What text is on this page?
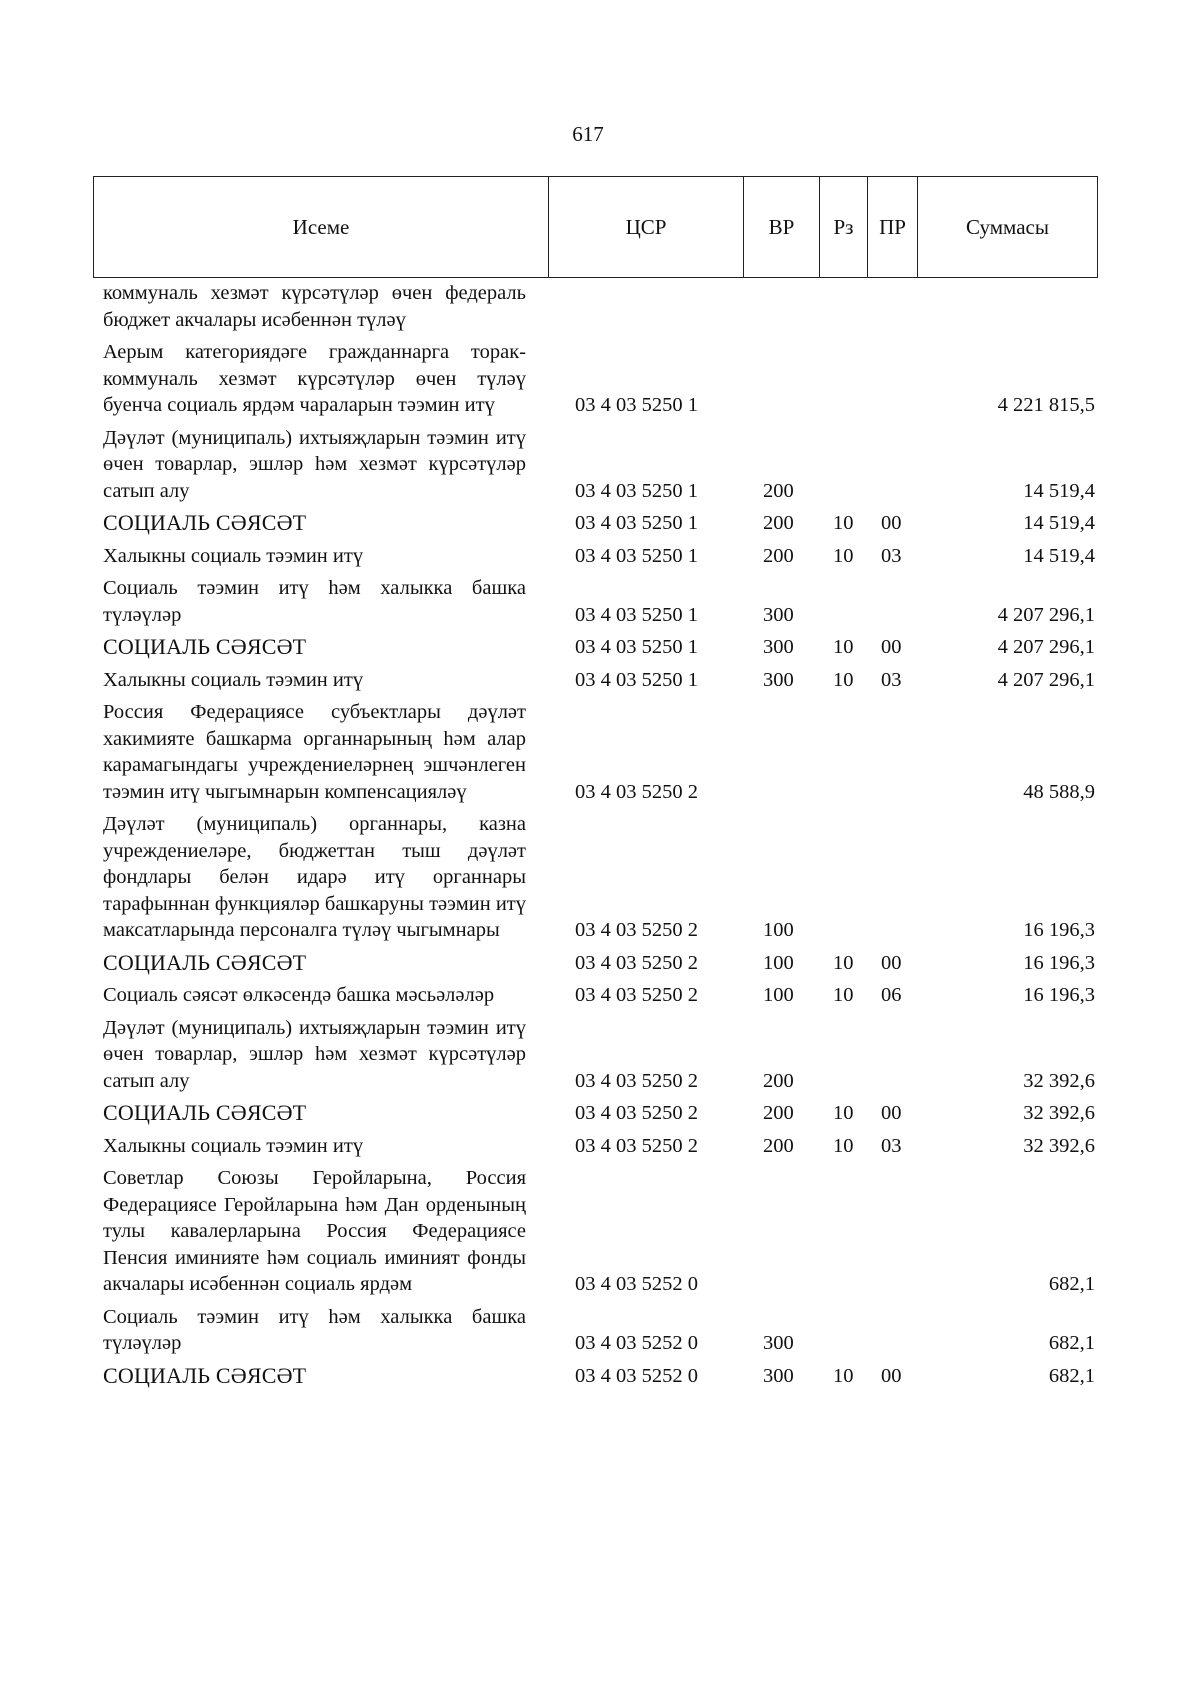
617
Исеме	ЦСР	ВР	Рз	ПР	Суммасы
коммуналь хезмәт күрсәтүләр өчен федераль бюджет акчалары исәбеннән түләү					
Аерым категориядәге гражданнарга торак-коммуналь хезмәт күрсәтүләр өчен түләү буенча социаль ярдәм чараларын тәэмин итү	03 4 03 5250 1				4 221 815,5
Дәүләт (муниципаль) ихтыяҗларын тәэмин итү өчен товарлар, эшләр һәм хезмәт күрсәтүләр сатып алу	03 4 03 5250 1	200			14 519,4
СОЦИАЛЬ СӘЯСӘТ	03 4 03 5250 1	200	10	00	14 519,4
Халыкны социаль тәэмин итү	03 4 03 5250 1	200	10	03	14 519,4
Социаль тәэмин итү һәм халыкка башка түләүләр	03 4 03 5250 1	300			4 207 296,1
СОЦИАЛЬ СӘЯСӘТ	03 4 03 5250 1	300	10	00	4 207 296,1
Халыкны социаль тәэмин итү	03 4 03 5250 1	300	10	03	4 207 296,1
Россия Федерациясе субъектлары дәүләт хакимияте башкарма органнарының һәм алар карамагындагы учреждениеләрнең эшчәнлеген тәэмин итү чыгымнарын компенсацияләү	03 4 03 5250 2				48 588,9
Дәүләт (муниципаль) органнары, казна учреждениеләре, бюджеттан тыш дәүләт фондлары белән идарә итү органнары тарафыннан функцияләр башкаруны тәэмин итү максатларында персоналга түләү чыгымнары	03 4 03 5250 2	100			16 196,3
СОЦИАЛЬ СӘЯСӘТ	03 4 03 5250 2	100	10	00	16 196,3
Социаль сәясәт өлкәсендә башка мәсьәләләр	03 4 03 5250 2	100	10	06	16 196,3
Дәүләт (муниципаль) ихтыяҗларын тәэмин итү өчен товарлар, эшләр һәм хезмәт күрсәтүләр сатып алу	03 4 03 5250 2	200			32 392,6
СОЦИАЛЬ СӘЯСӘТ	03 4 03 5250 2	200	10	00	32 392,6
Халыкны социаль тәэмин итү	03 4 03 5250 2	200	10	03	32 392,6
Советлар Союзы Геройларына, Россия Федерациясе Геройларына һәм Дан орденының тулы кавалерларына Россия Федерациясе Пенсия иминияте һәм социаль иминият фонды акчалары исәбеннән социаль ярдәм	03 4 03 5252 0				682,1
Социаль тәэмин итү һәм халыкка башка түләүләр	03 4 03 5252 0	300			682,1
СОЦИАЛЬ СӘЯСӘТ	03 4 03 5252 0	300	10	00	682,1
